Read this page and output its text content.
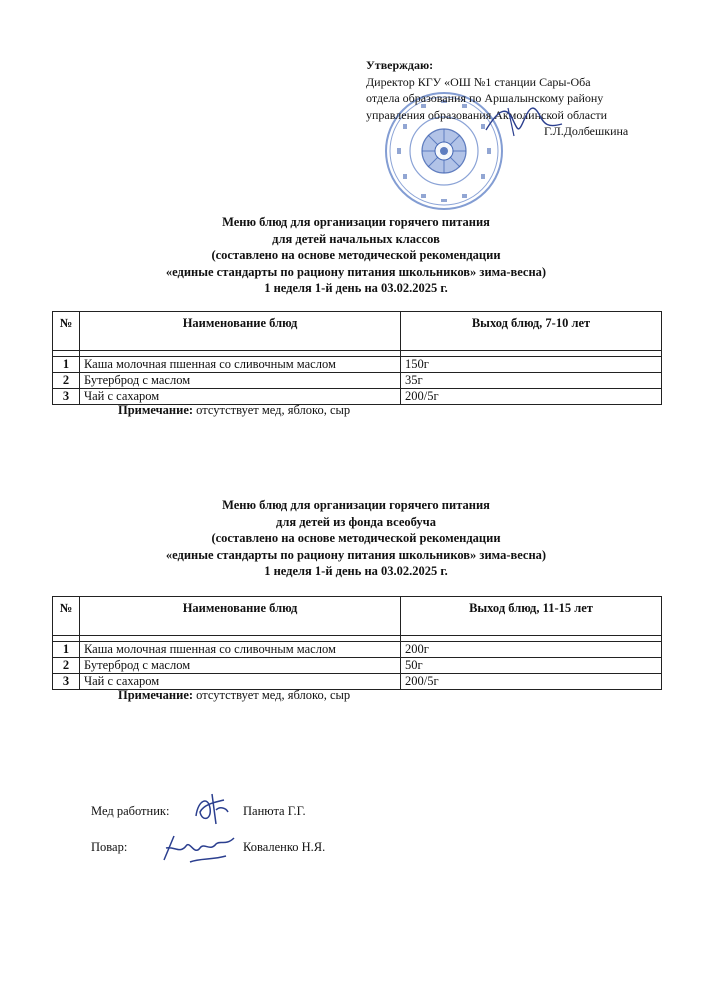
Утверждаю:
Директор КГУ «ОШ №1 станции Сары-Оба
отдела образования по Аршалынскому району
управления образования Акмолинской области
Г.Л.Долбешкина
Меню блюд для организации горячего питания
для детей начальных классов
(составлено на основе методической рекомендации
«единые стандарты по рациону питания школьников» зима-весна)
1 неделя 1-й день на 03.02.2025 г.
№	Наименование блюд	Выход блюд, 7-10 лет

1	Каша молочная пшенная со сливочным маслом	150г
2	Бутерброд с маслом	35г
3	Чай с сахаром	200/5г
Примечание: отсутствует мед, яблоко, сыр
Меню блюд для организации горячего питания
для детей из фонда всеобуча
(составлено на основе методической рекомендации
«единые стандарты по рациону питания школьников» зима-весна)
1 неделя 1-й день на 03.02.2025 г.
№	Наименование блюд	Выход блюд, 11-15 лет

1	Каша молочная пшенная со сливочным маслом	200г
2	Бутерброд с маслом	50г
3	Чай с сахаром	200/5г
Примечание: отсутствует мед, яблоко, сыр
Мед работник:	Панюта Г.Г.
Повар:	Коваленко Н.Я.
